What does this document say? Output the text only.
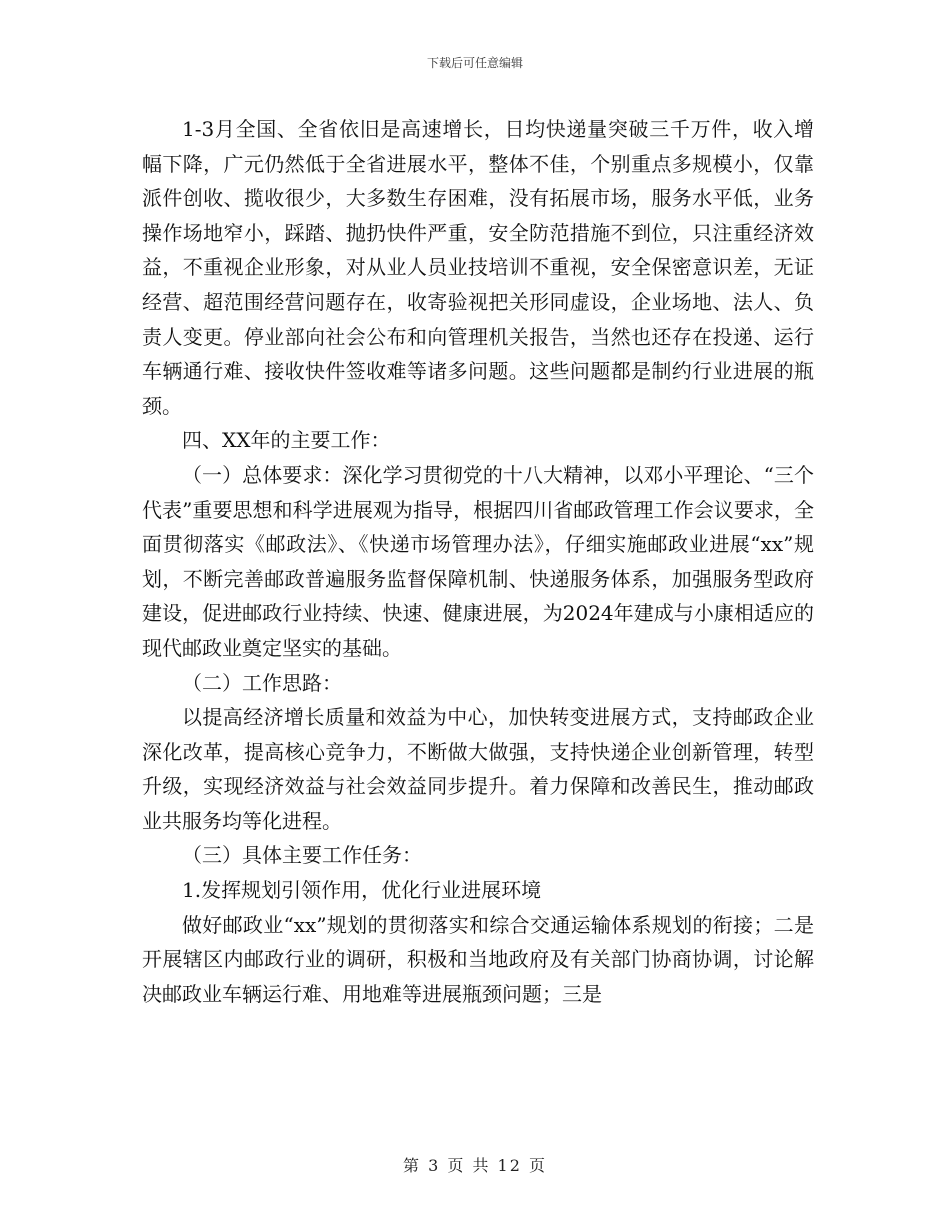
下载后可任意编辑

1-3月全国、全省依旧是高速增长，日均快递量突破三千万件，收入增幅下降，广元仍然低于全省进展水平，整体不佳，个别重点多规模小，仅靠派件创收、揽收很少，大多数生存困难，没有拓展市场，服务水平低，业务操作场地窄小，踩踏、抛扔快件严重，安全防范措施不到位，只注重经济效益，不重视企业形象，对从业人员业技培训不重视，安全保密意识差，无证经营、超范围经营问题存在，收寄验视把关形同虚设，企业场地、法人、负责人变更。停业部向社会公布和向管理机关报告，当然也还存在投递、运行车辆通行难、接收快件签收难等诸多问题。这些问题都是制约行业进展的瓶颈。

四、XX年的主要工作：

（一）总体要求：深化学习贯彻党的十八大精神，以邓小平理论、“三个代表”重要思想和科学进展观为指导，根据四川省邮政管理工作会议要求，全面贯彻落实《邮政法》、《快递市场管理办法》，仔细实施邮政业进展“xx”规划，不断完善邮政普遍服务监督保障机制、快递服务体系，加强服务型政府建设，促进邮政行业持续、快速、健康进展，为2024年建成与小康相适应的现代邮政业奠定坚实的基础。

（二）工作思路：

以提高经济增长质量和效益为中心，加快转变进展方式，支持邮政企业深化改革，提高核心竞争力，不断做大做强，支持快递企业创新管理，转型升级，实现经济效益与社会效益同步提升。着力保障和改善民生，推动邮政业共服务均等化进程。

（三）具体主要工作任务：

1.发挥规划引领作用，优化行业进展环境

做好邮政业“xx”规划的贯彻落实和综合交通运输体系规划的衔接；二是开展辖区内邮政行业的调研，积极和当地政府及有关部门协商协调，讨论解决邮政业车辆运行难、用地难等进展瓶颈问题；三是

第 3 页 共 12 页
